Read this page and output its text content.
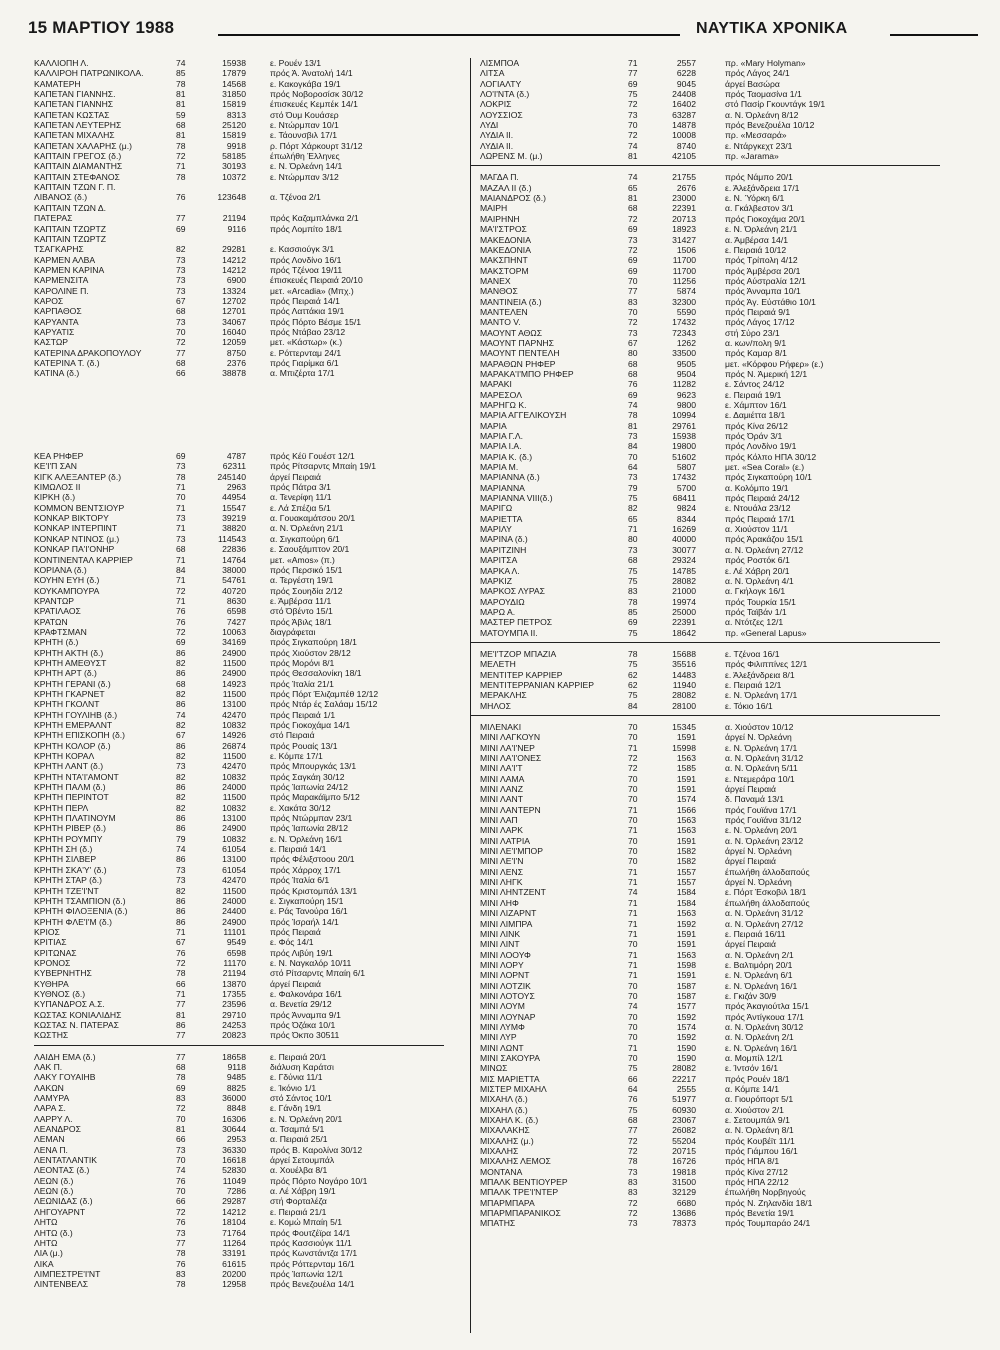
15 ΜΑΡΤΙΟΥ 1988	ΝΑΥΤΙΚΑ ΧΡΟΝΙΚΑ
ΚΑΛΛΙΟΠΗ Λ.	74	15938	ε. Ρουέν 13/1
ΚΑΛΛΙΡΟΗ ΠΑΤΡΩΝΙΚΟΛΑ.	85	17879	πρός Ά. Άνατολή 14/1
ΚΑΜΑΤΕΡΗ	78	14568	ε. Κακογκάβα 19/1
ΚΑΠΕΤΑΝ ΓΙΑΝΝΗΣ.	81	31850	πρός Νοβοροσίσκ 30/12
ΚΑΠΕΤΑΝ ΓΙΑΝΝΗΣ	81	15819	έπισκευές Κεμπέκ 14/1
ΚΑΠΕΤΑΝ ΚΩΣΤΑΣ	59	8313	στό Όυμ Κουάσερ
ΚΑΠΕΤΑΝ ΛΕΥΤΕΡΗΣ	68	25120	ε. Ντώρμπαν 10/1
ΚΑΠΕΤΑΝ ΜΙΧΑΛΗΣ	81	15819	ε. Τάουνσβιλ 17/1
ΚΑΠΕΤΑΝ ΧΑΛΑΡΗΣ (μ.)	78	9918	ρ. Πόρτ Χάρκουρτ 31/12
ΚΑΠΤΑΙΝ ΓΡΕΓΟΣ (δ.)	72	58185	έπωλήθη Έλληνες
ΚΑΠΤΑΙΝ ΔΙΑΜΑΝΤΗΣ	71	30193	ε. Ν. Όρλεάνη 14/1
ΚΑΠΤΑΙΝ ΣΤΕΦΑΝΟΣ	78	10372	ε. Ντώρμπαν 3/12
ΚΑΠΤΑΙΝ ΤΖΩΝ Γ. Π.
ΛΙΒΑΝΟΣ (δ.)	76	123648	α. Τζένοα 2/1
ΚΑΠΤΑΙΝ ΤΖΩΝ Δ.
ΠΑΤΕΡΑΣ	77	21194	πρός Καζαμπλάνκα 2/1
ΚΑΠΤΑΙΝ ΤΖΩΡΤΖ	69	9116	πρός Λομπίτο 18/1
ΚΑΠΤΑΙΝ ΤΖΩΡΤΖ
ΤΣΑΓΚΑΡΗΣ	82	29281	ε. Κασσιούγκ 3/1
ΚΑΡΜΕΝ ΑΛΒΑ	73	14212	πρός Λονδίνο 16/1
ΚΑΡΜΕΝ ΚΑΡΙΝΑ	73	14212	πρός Τζένοα 19/11
ΚΑΡΜΕΝΣΙΤΑ	73	6900	έπισκευές Πειραιά 20/10
ΚΑΡΟΛΙΝΕ Π.	73	13324	μετ. «Arcadia» (Μπχ.)
ΚΑΡΟΣ	67	12702	πρός Πειραιά 14/1
ΚΑΡΠΑΘΟΣ	68	12701	πρός Λαττάκια 19/1
ΚΑΡΥΑΝΤΑ	73	34067	πρός Πόρτο Βέσμε 15/1
ΚΑΡΥΑΤΙΣ	70	16040	πρός Ντάβαο 23/12
ΚΑΣΤΩΡ	72	12059	μετ. «Κάστωρ» (κ.)
ΚΑΤΕΡΙΝΑ ΔΡΑΚΟΠΟΥΛΟΥ	77	8750	ε. Ρόττερνταμ 24/1
ΚΑΤΕΡΙΝΑ Τ. (δ.)	68	2376	πρός Γιαρίμκα 6/1
ΚΑΤΙΝΑ (δ.)	66	38878	α. Μπιζέρτα 17/1
ΚΕΑ ΡΗΦΕΡ	69	4787	πρός Κέϋ Γουέστ 12/1
ΚΕ'Ι'Π ΣΑΝ	73	62311	πρός Ρίτσαρντς Μπαίη 19/1
ΚΙΓΚ ΑΛΕΞΑΝΤΕΡ (δ.)	78	245140	άργεί Πειραιά
ΚΙΜΩΛΟΣ ΙΙ	71	2963	πρός Πάτρα 3/1
ΚΙΡΚΗ (δ.)	70	44954	α. Τενερίφη 11/1
ΚΟΜΜΟΝ ΒΕΝΤΣΙΟΥΡ	71	15547	ε. Λά Σπέζια 5/1
ΚΟΝΚΑΡ ΒΙΚΤΟΡΥ	73	39219	α. Γουακαμάτσου 20/1
ΚΟΝΚΑΡ ΙΝΤΕΡΠΙΝΤ	71	38820	α. Ν. Όρλεάνη 21/1
ΚΟΝΚΑΡ ΝΤΙΝΟΣ (μ.)	73	114543	α. Σιγκαπούρη 6/1
ΚΟΝΚΑΡ ΠΑ'Ι'ΟΝΗΡ	68	22836	ε. Σαουξάμπτον 20/1
ΚΟΝΤΙΝΕΝΤΑΛ ΚΑΡΡΙΕΡ	71	14764	μετ. «Amos» (π.)
ΚΟΡΙΑΝΑ (δ.)	84	38000	πρός Περσικό 15/1
ΚΟΥΗΝ ΕΥΗ (δ.)	71	54761	α. Τεργέστη 19/1
ΚΟΥΚΑΜΠΟΥΡΑ	72	40720	πρός Σουηδία 2/12
ΚΡΑΝΤΩΡ	71	8630	ε. Άμβέρσα 11/1
ΚΡΑΤΙΛΑΟΣ	76	6598	στό Όβέντο 15/1
ΚΡΑΤΩΝ	76	7427	πρός Άβιλς 18/1
ΚΡΑΦΤΣΜΑΝ	72	10063	διαγράφεται
ΚΡΗΤΗ (δ.)	69	34169	πρός Σιγκαπούρη 18/1
ΚΡΗΤΗ ΑΚΤΗ (δ.)	86	24900	πρός Χιούστον 28/12
ΚΡΗΤΗ ΑΜΕΘΥΣΤ	82	11500	πρός Μορόνι 8/1
ΚΡΗΤΗ ΑΡΤ (δ.)	86	24900	πρός Θεσσαλονίκη 18/1
ΚΡΗΤΗ ΓΕΡΑΝΙ (δ.)	68	14923	πρός Ίταλία 21/1
ΚΡΗΤΗ ΓΚΑΡΝΕΤ	82	11500	πρός Πόρτ Έλιζαμπέθ 12/12
ΚΡΗΤΗ ΓΚΟΛΝΤ	86	13100	πρός Ντάρ ές Σαλάαμ 15/12
ΚΡΗΤΗ ΓΟΥΛΙΗΒ (δ.)	74	42470	πρός Πειραιά 1/1
ΚΡΗΤΗ ΕΜΕΡΑΛΝΤ	82	10832	πρός Γιοκοχάμα 14/1
ΚΡΗΤΗ ΕΠΙΣΚΟΠΗ (δ.)	67	14926	στό Πειραιά
ΚΡΗΤΗ ΚΟΛΟΡ (δ.)	86	26874	πρός Ρουαίς 13/1
ΚΡΗΤΗ ΚΟΡΑΛ	82	11500	ε. Κόμπε 17/1
ΚΡΗΤΗ ΛΑΝΤ (δ.)	73	42470	πρός Μπουργκάς 13/1
ΚΡΗΤΗ ΝΤΑ'Ι'ΑΜΟΝΤ	82	10832	πρός Σαγκάη 30/12
ΚΡΗΤΗ ΠΑΛΜ (δ.)	86	24000	πρός Ίαπωνία 24/12
ΚΡΗΤΗ ΠΕΡΙΝΤΟΤ	82	11500	πρός Μαρακάϊμπο 5/12
ΚΡΗΤΗ ΠΕΡΛ	82	10832	ε. Χακάτα 30/12
ΚΡΗΤΗ ΠΛΑΤΙΝΟΥΜ	86	13100	πρός Ντώρμπαν 23/1
ΚΡΗΤΗ ΡΙΒΕΡ (δ.)	86	24900	πρός Ίαπωνία 28/12
ΚΡΗΤΗ ΡΟΥΜΠΥ	79	10832	ε. Ν. Όρλεάνη 16/1
ΚΡΗΤΗ ΣΗ (δ.)	74	61054	ε. Πειραιά 14/1
ΚΡΗΤΗ ΣΙΛΒΕΡ	86	13100	πρός Φέλιξστοου 20/1
ΚΡΗΤΗ ΣΚΑ'Υ' (δ.)	73	61054	πρός Χάρροχ 17/1
ΚΡΗΤΗ ΣΤΑΡ (δ.)	73	42470	πρός Ίταλία 6/1
ΚΡΗΤΗ ΤΖΕ'Ι'ΝΤ	82	11500	πρός Κριστομπάλ 13/1
ΚΡΗΤΗ ΤΣΑΜΠΙΟΝ (δ.)	86	24000	ε. Σιγκαπούρη 15/1
ΚΡΗΤΗ ΦΙΛΟΞΕΝΙΑ (δ.)	86	24400	ε. Ράς Τανούρα 16/1
ΚΡΗΤΗ ΦΛΕ'Ι'Μ (δ.)	86	24900	πρός Ίσραήλ 14/1
ΚΡΙΟΣ	71	11101	πρός Πειραιά
ΚΡΙΤΙΑΣ	67	9549	ε. Φός 14/1
ΚΡΙΤΩΝΑΣ	76	6598	πρός Λιβύη 19/1
ΚΡΟΝΟΣ	72	11170	ε. Ν. Ναγκαλόρ 10/11
ΚΥΒΕΡΝΗΤΗΣ	78	21194	στό Ρίτσαρντς Μπαίη 6/1
ΚΥΘΗΡΑ	66	13870	άργεί Πειραιά
ΚΥΘΝΟΣ (δ.)	71	17355	ε. Φαλκονάρα 16/1
ΚΥΠΑΝΔΡΟΣ Α.Σ.	77	23596	α. Βενετία 29/12
ΚΩΣΤΑΣ ΚΟΝΙΑΛΙΔΗΣ	81	29710	πρός Άνναμπα 9/1
ΚΩΣΤΑΣ Ν. ΠΑΤΕΡΑΣ	86	24253	πρός Όζάκα 10/1
ΚΩΣΤΗΣ	77	20823	πρός Όκπο 30511
ΛΑΙΔΗ ΕΜΑ (δ.)	77	18658	ε. Πειραιά 20/1
ΛΑΚ Π.	68	9118	διάλυση Καράτσι
ΛΑΚΥ ΓΟΥΑΙΗΒ	78	9485	ε. Γδύνια 11/1
ΛΑΚΩΝ	69	8825	ε. Ίκόνιο 1/1
ΛΑΜΥΡΑ	83	36000	στό Σάντος 10/1
ΛΑΡΑ Σ.	72	8848	ε. Γάνδη 19/1
ΛΑΡΡΥ Λ.	70	16306	ε. Ν. Όρλεάνη 20/1
ΛΕΑΝΔΡΟΣ	81	30644	α. Τσαμπά 5/1
ΛΕΜΑΝ	66	2953	α. Πειραιά 25/1
ΛΕΝΑ Π.	73	36330	πρός Β. Καρολίνα 30/12
ΛΕΝΤΑΤΛΑΝΤΙΚ	70	16618	άργεί Σετουμπάλ
ΛΕΟΝΤΑΣ (δ.)	74	52830	α. Χουέλβα 8/1
ΛΕΩΝ (δ.)	76	11049	πρός Πόρτο Νογάρο 10/1
ΛΕΩΝ (δ.)	70	7286	α. Λέ Χάβρη 19/1
ΛΕΩΝΙΔΑΣ (δ.)	66	29287	στή Φορταλέζα
ΛΗΓΟΥΑΡΝΤ	72	14212	ε. Πειραιά 21/1
ΛΗΤΩ	76	18104	ε. Κομώ Μπαίη 5/1
ΛΗΤΩ (δ.)	73	71764	πρός Φουτζέϊρα 14/1
ΛΗΤΩ	77	11264	πρός Κασσιούγκ 11/1
ΛΙΑ (μ.)	78	33191	πρός Κωνστάντζα 17/1
ΛΙΚΑ	76	61615	πρός Ρόττερνταμ 16/1
ΛΙΜΠΕΣΤΡΕ'Ι'ΝΤ	83	20200	πρός Ίαπωνία 12/1
ΛΙΝΤΕΝΒΕΛΣ	78	12958	πρός Βενεζουέλα 14/1
ΛΙΣΜΠΟΑ	71	2557	πρ. «Mary Holyman»
ΛΙΤΣΑ	77	6228	πρός Λάγος 24/1
ΛΟΓΙΑΛΤΥ	69	9045	άργεί Βασώρα
ΛΟ'Ι'ΝΤΑ (δ.)	75	24408	πρός Ταομασίνα 1/1
ΛΟΚΡΙΣ	72	16402	στό Πασίρ Γκουντάγκ 19/1
ΛΟΥΣΣΙΟΣ	73	63287	α. Ν. Όρλεάνη 8/12
ΛΥΔΙ	70	14878	πρός Βενεζουέλα 10/12
ΛΥΔΙΑ ΙΙ.	72	10008	πρ. «Μεσσαρά»
ΛΥΔΙΑ ΙΙ.	74	8740	ε. Ντάργκεχτ 23/1
ΛΩΡΕΝΣ Μ. (μ.)	81	42105	πρ. «Jarama»
ΜΑΓΔΑ Π.	74	21755	πρός Νάμπο 20/1
ΜΑΖΑΛ ΙΙ (δ.)	65	2676	ε. Άλεξάνδρεια 17/1
ΜΑΙΑΝΔΡΟΣ (δ.)	81	23000	ε. Ν. Ύόρκη 6/1
ΜΑΙΡΗ	68	22391	α. Γκάλβεστον 3/1
ΜΑΙΡΗΝΗ	72	20713	πρός Γιοκοχάμα 20/1
ΜΑ'Ι'ΣΤΡΟΣ	69	18923	ε. Ν. Όρλεάνη 21/1
ΜΑΚΕΔΟΝΙΑ	73	31427	α. Άμβέρσα 14/1
ΜΑΚΕΔΟΝΙΑ	72	1506	ε. Πειραιά 10/12
ΜΑΚΣΠΗΝΤ	69	11700	πρός Τρίπολη 4/12
ΜΑΚΣΤΟΡΜ	69	11700	πρός Άμβέρσα 20/1
ΜΑΝΕΧ	70	11256	πρός Αύστραλία 12/1
ΜΑΝΘΟΣ	77	5874	πρός Άνναμπα 10/1
ΜΑΝΤΙΝΕΙΑ (δ.)	83	32300	πρός Άγ. Εύστάθιο 10/1
ΜΑΝΤΕΛΕΝ	70	5590	πρός Πειραιά 9/1
ΜΑΝΤΟ V.	72	17432	πρός Λάγος 17/12
ΜΑΟΥΝΤ ΑΘΩΣ	73	72343	στή Σύρο 23/1
ΜΑΟΥΝΤ ΠΑΡΝΗΣ	67	1262	α. κων/πολη 9/1
ΜΑΟΥΝΤ ΠΕΝΤΕΛΗ	80	33500	πρός Καμαρ 8/1
ΜΑΡΑΘΩΝ ΡΗΦΕΡ	68	9505	μετ. «Κόρφου Ρήφερ» (ε.)
ΜΑΡΑΚΑ'Ι'ΜΠΟ ΡΗΦΕΡ	68	9504	πρός Ν. Άμερική 12/1
ΜΑΡΑΚΙ	76	11282	ε. Σάντος 24/12
ΜΑΡΕΣΟΛ	69	9623	ε. Πειραιά 19/1
ΜΑΡΗΓΩ Κ.	74	9800	ε. Χάμπτον 16/1
ΜΑΡΙΑ ΑΓΓΕΛΙΚΟΥΣΗ	78	10994	ε. Δαμιέττα 18/1
ΜΑΡΙΑ	81	29761	πρός Κίνα 26/12
ΜΑΡΙΑ Γ.Λ.	73	15938	πρός Όράν 3/1
ΜΑΡΙΑ Ι.Α.	84	19800	πρός Λονδίνο 19/1
ΜΑΡΙΑ Κ. (δ.)	70	51602	πρός Κόλπο ΗΠΑ 30/12
ΜΑΡΙΑ Μ.	64	5807	μετ. «Sea Coral» (ε.)
ΜΑΡΙΑΝΝΑ (δ.)	73	17432	πρός Σιγκαπούρη 10/1
ΜΑΡΙΑΝΝΑ	79	5700	α. Κολόμπο 19/1
ΜΑΡΙΑΝΝΑ VIII(δ.)	75	68411	πρός Πειραιά 24/12
ΜΑΡΙΓΩ	82	9824	ε. Ντουάλα 23/12
ΜΑΡΙΕΤΤΑ	65	8344	πρός Πειραιά 17/1
ΜΑΡΙΛΥ	71	16269	α. Χιούστον 11/1
ΜΑΡΙΝΑ (δ.)	80	40000	πρός Άρακάζου 15/1
ΜΑΡΙΤΖΙΝΗ	73	30077	α. Ν. Όρλεάνη 27/12
ΜΑΡΙΤΣΑ	68	29324	πρός Ροστόκ 6/1
ΜΑΡΚΑ Λ.	75	14785	ε. Λέ Χάβρη 20/1
ΜΑΡΚΙΖ	75	28082	α. Ν. Όρλεάνη 4/1
ΜΑΡΚΟΣ ΛΥΡΑΣ	83	21000	α. Γκήλογκ 16/1
ΜΑΡΟΥΔΙΩ	78	19974	πρός Τουρκία 15/1
ΜΑΡΩ Α.	85	25000	πρός Ταϊβάν 1/1
ΜΑΣΤΕΡ ΠΕΤΡΟΣ	69	22391	α. Ντότζες 12/1
ΜΑΤΟΥΜΠΑ ΙΙ.	75	18642	πρ. «General Lapus»
ΜΕ'Ι'ΤΖΟΡ ΜΠΑΖΙΑ	78	15688	ε. Τζένοα 16/1
ΜΕΛΕΤΗ	75	35516	πρός Φιλιππίνες 12/1
ΜΕΝΤΙΤΕΡ ΚΑΡΡΙΕΡ	62	14483	ε. Άλεξάνδρεια 8/1
ΜΕΝΤΙΤΕΡΡΑΝΙΑΝ ΚΑΡΡΙΕΡ	62	11940	ε. Πειραιά 12/1
ΜΕΡΑΚΛΗΣ	75	28082	ε. Ν. Όρλεάνη 17/1
ΜΗΛΟΣ	84	28100	ε. Τόκιο 16/1
ΜΙΛΕΝΑΚΙ	70	15345	α. Χιούστον 10/12
ΜΙΝΙ ΛΑΓΚΟΥΝ	70	1591	άργεί Ν. Όρλεάνη
ΜΙΝΙ ΛΑ'Ι'ΝΕΡ	71	15998	ε. Ν. Όρλεάνη 17/1
ΜΙΝΙ ΛΑ'Ι'ΟΝΕΣ	72	1563	α. Ν. Όρλεάνη 31/12
ΜΙΝΙ ΛΑ'Ι'Τ	72	1585	α. Ν. Όρλεάνη 5/11
ΜΙΝΙ ΛΑΜΑ	70	1591	ε. Ντεμεράρα 10/1
ΜΙΝΙ ΛΑΝΖ	70	1591	άργεί Πειραιά
ΜΙΝΙ ΛΑΝΤ	70	1574	δ. Παναμά 13/1
ΜΙΝΙ ΛΑΝΤΕΡΝ	71	1566	πρός Γουϊάνα 17/1
ΜΙΝΙ ΛΑΠ	70	1563	πρός Γουϊάνα 31/12
ΜΙΝΙ ΛΑΡΚ	71	1563	ε. Ν. Όρλεάνη 20/1
ΜΙΝΙ ΛΑΤΡΙΑ	70	1591	α. Ν. Όρλεάνη 23/12
ΜΙΝΙ ΛΕ'Ι'ΜΠΟΡ	70	1582	άργεί Ν. Όρλεάνη
ΜΙΝΙ ΛΕ'Ι'Ν	70	1582	άργεί Πειραιά
ΜΙΝΙ ΛΕΝΣ	71	1557	έπωλήθη άλλοδαπούς
ΜΙΝΙ ΛΗΓΚ	71	1557	άργεί Ν. Όρλεάνη
ΜΙΝΙ ΛΗΝΤΖΕΝΤ	74	1584	ε. Πόρτ Έσκοβιλ 18/1
ΜΙΝΙ ΛΗΦ	71	1584	έπωλήθη άλλοδαπούς
ΜΙΝΙ ΛΙΖΑΡΝΤ	71	1563	α. Ν. Όρλεάνη 31/12
ΜΙΝΙ ΛΙΜΠΡΑ	71	1592	α. Ν. Όρλεάνη 27/12
ΜΙΝΙ ΛΙΝΚ	71	1591	ε. Πειραιά 16/11
ΜΙΝΙ ΛΙΝΤ	70	1591	άργεί Πειραιά
ΜΙΝΙ ΛΟΟΥΦ	71	1563	α. Ν. Όρλεάνη 2/1
ΜΙΝΙ ΛΟΡΥ	71	1598	ε. Βαλτιμόρη 20/1
ΜΙΝΙ ΛΟΡΝΤ	71	1591	ε. Ν. Όρλεάνη 6/1
ΜΙΝΙ ΛΟΤΖΙΚ	70	1587	ε. Ν. Όρλεάνη 16/1
ΜΙΝΙ ΛΟΤΟΥΣ	70	1587	ε. Γκιζάν 30/9
ΜΙΝΙ ΛΟΥΜ	74	1577	πρός Άκαγιούτλα 15/1
ΜΙΝΙ ΛΟΥΝΑΡ	70	1592	πρός Άντίγκουα 17/1
ΜΙΝΙ ΛΥΜΦ	70	1574	α. Ν. Όρλεάνη 30/12
ΜΙΝΙ ΛΥΡ	70	1592	α. Ν. Όρλεάνη 2/1
ΜΙΝΙ ΛΩΝΤ	71	1590	ε. Ν. Όρλεάνη 16/1
ΜΙΝΙ ΣΑΚΟΥΡΑ	70	1590	α. Μομπίλ 12/1
ΜΙΝΩΣ	75	28082	ε. Ίντσόν 16/1
ΜΙΣ ΜΑΡΙΕΤΤΑ	66	22217	πρός Ρουέν 18/1
ΜΙΣΤΕΡ ΜΙΧΑΗΛ	64	2555	α. Κόμπε 14/1
ΜΙΧΑΗΛ (δ.)	76	51977	α. Γιουρόπορτ 5/1
ΜΙΧΑΗΛ (δ.)	75	60930	α. Χιούστον 2/1
ΜΙΧΑΗΛ Κ. (δ.)	68	23067	ε. Σετουμπάλ 9/1
ΜΙΧΑΛΑΚΗΣ	77	26082	α. Ν. Όρλεάνη 8/1
ΜΙΧΑΛΗΣ (μ.)	72	55204	πρός Κουβέϊτ 11/1
ΜΙΧΑΛΗΣ	72	20715	πρός Γιάμπου 16/1
ΜΙΧΑΛΗΣ ΛΕΜΟΣ	78	16726	πρός ΗΠΑ 8/1
ΜΟΝΤΑΝΑ	73	19818	πρός Κίνα 27/12
ΜΠΑΛΚ ΒΕΝΤΙΟΥΡΕΡ	83	31500	πρός ΗΠΑ 22/12
ΜΠΑΛΚ ΤΡΕ'Ι'ΝΤΕΡ	83	32129	έπωλήθη Νορβηγούς
ΜΠΑΡΜΠΑΡΑ	72	6680	πρός Ν. Ζηλανδία 18/1
ΜΠΑΡΜΠΑΡΑΝΙΚΟΣ	72	13686	πρός Βενετία 19/1
ΜΠΑΤΗΣ	73	78373	πρός Τουμπαράο 24/1
